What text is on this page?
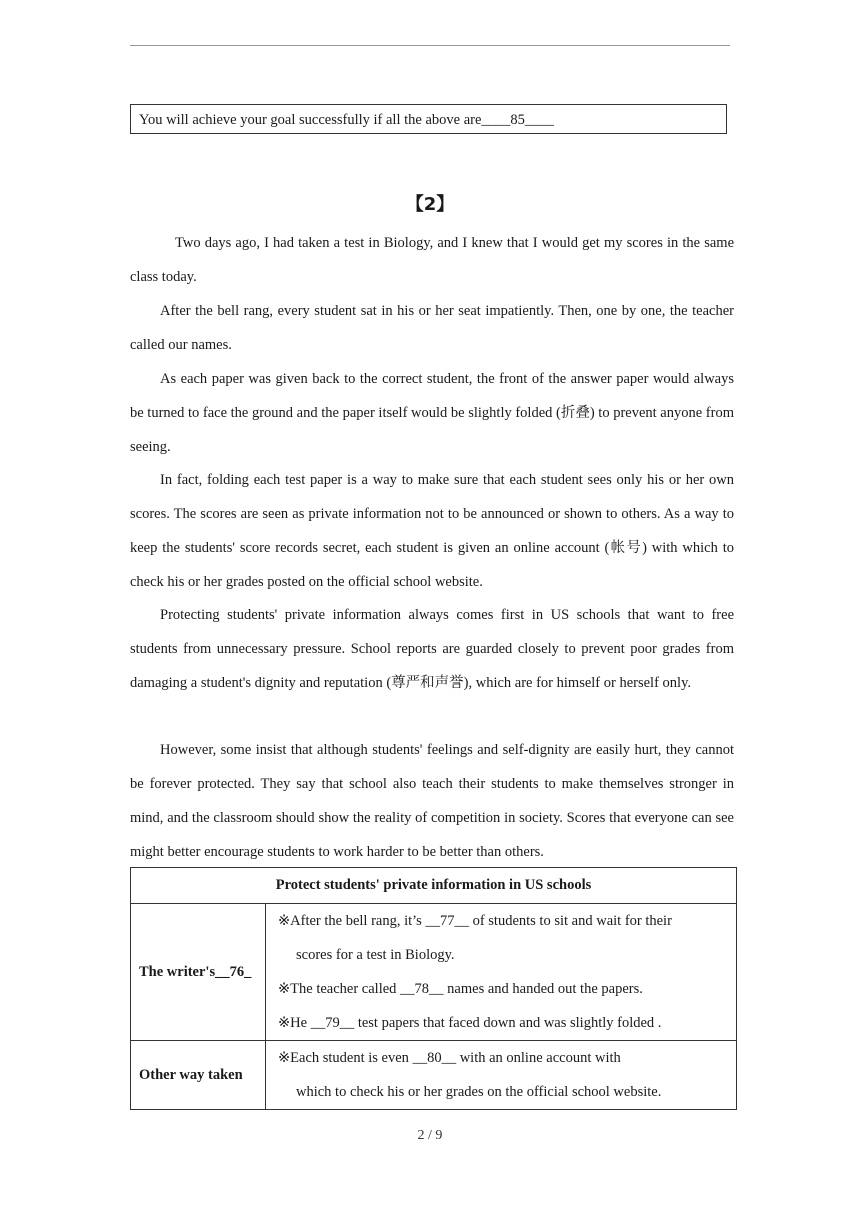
You will achieve your goal successfully if all the above are____85____
【2】

Two days ago, I had taken a test in Biology, and I knew that I would get my scores in the same class today.

After the bell rang, every student sat in his or her seat impatiently. Then, one by one, the teacher called our names.

As each paper was given back to the correct student, the front of the answer paper would always be turned to face the ground and the paper itself would be slightly folded (折叠) to prevent anyone from seeing.

In fact, folding each test paper is a way to make sure that each student sees only his or her own scores. The scores are seen as private information not to be announced or shown to others. As a way to keep the students' score records secret, each student is given an online account (帐号) with which to check his or her grades posted on the official school website.

Protecting students' private information always comes first in US schools that want to free students from unnecessary pressure. School reports are guarded closely to prevent poor grades from damaging a student's dignity and reputation (尊严和声誉), which are for himself or herself only.

However, some insist that although students' feelings and self-dignity are easily hurt, they cannot be forever protected. They say that school also teach their students to make themselves stronger in mind, and the classroom should show the reality of competition in society. Scores that everyone can see might better encourage students to work harder to be better than others.

Protect students' private information in US schools	
The writer's__76_	※After the bell rang, it’s __77__ of students to sit and wait for their
scores for a test in Biology.
※The teacher called __78__ names and handed out the papers.
※He __79__ test papers that faced down and was slightly folded .

Other way taken	※Each student is even __80__ with an online account with
which to check his or her grades on the official school website.
2 / 9
